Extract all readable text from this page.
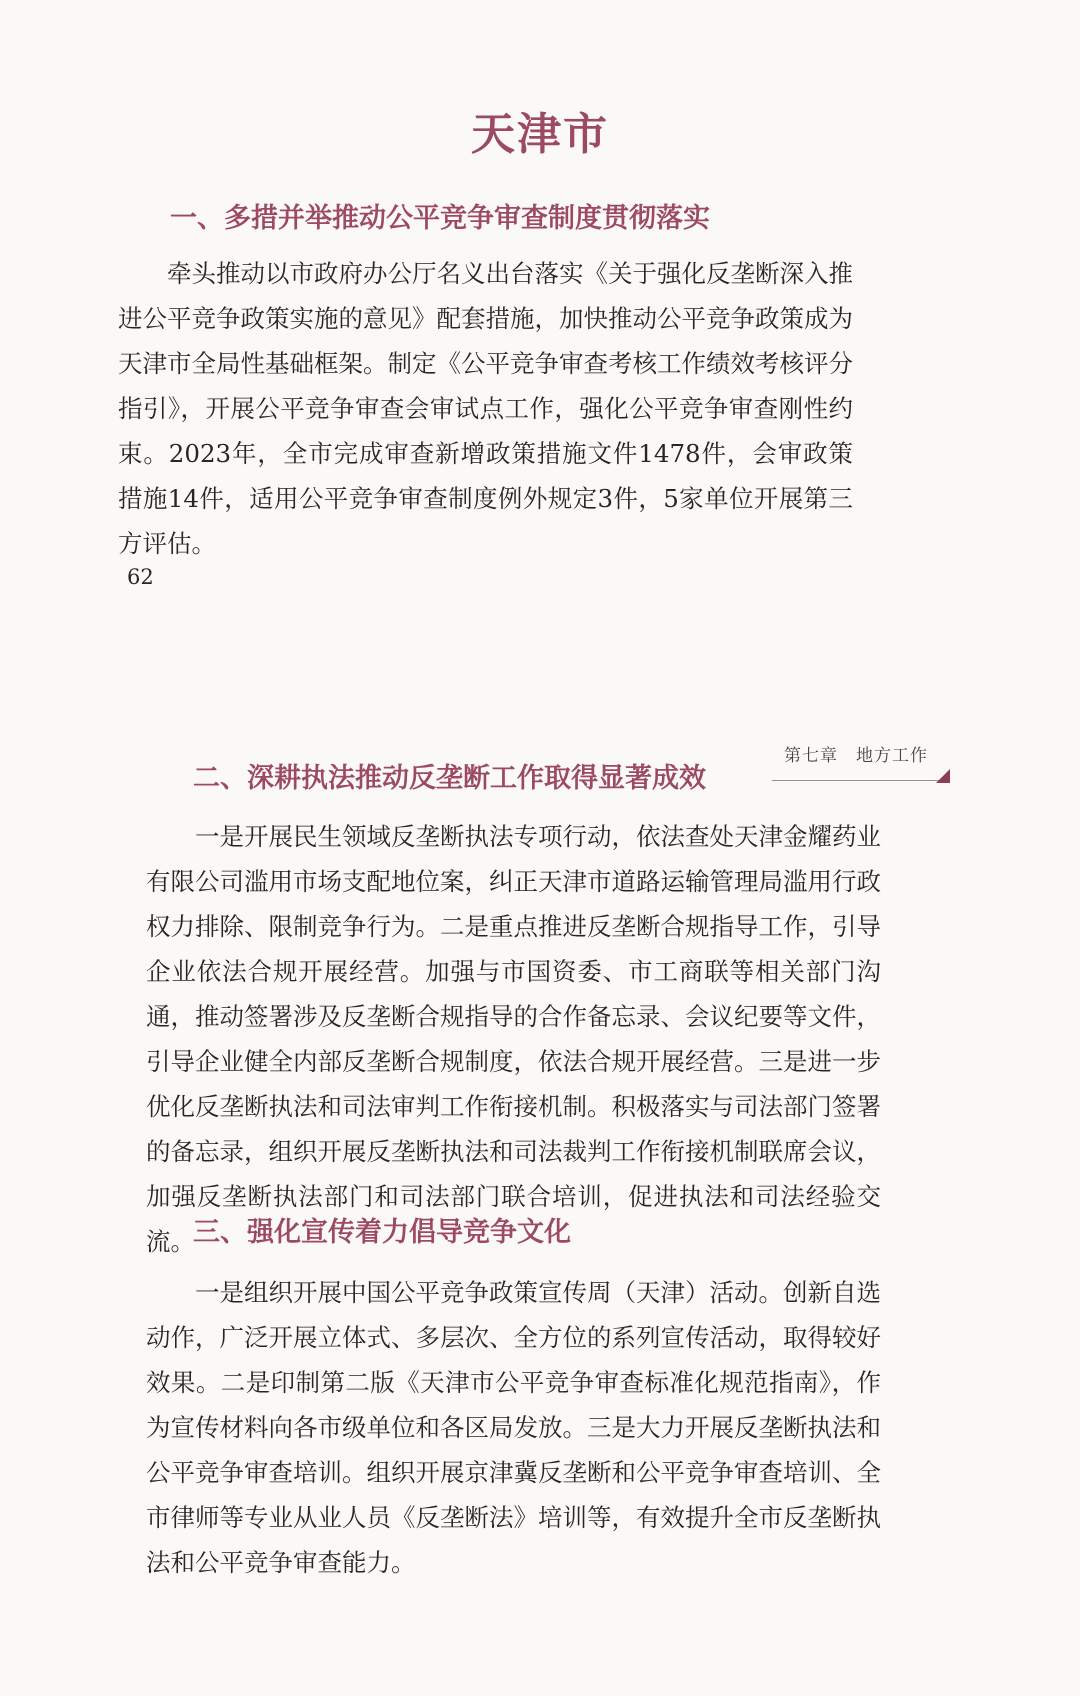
天津市
一、多措并举推动公平竞争审查制度贯彻落实

牵头推动以市政府办公厅名义出台落实《关于强化反垄断深入推进公平竞争政策实施的意见》配套措施，加快推动公平竞争政策成为天津市全局性基础框架。制定《公平竞争审查考核工作绩效考核评分指引》，开展公平竞争审查会审试点工作，强化公平竞争审查刚性约束。2023年，全市完成审查新增政策措施文件1478件，会审政策措施14件，适用公平竞争审查制度例外规定3件，5家单位开展第三方评估。

62
第七章　地方工作
二、深耕执法推动反垄断工作取得显著成效

一是开展民生领域反垄断执法专项行动，依法查处天津金耀药业有限公司滥用市场支配地位案，纠正天津市道路运输管理局滥用行政权力排除、限制竞争行为。二是重点推进反垄断合规指导工作，引导企业依法合规开展经营。加强与市国资委、市工商联等相关部门沟通，推动签署涉及反垄断合规指导的合作备忘录、会议纪要等文件，引导企业健全内部反垄断合规制度，依法合规开展经营。三是进一步优化反垄断执法和司法审判工作衔接机制。积极落实与司法部门签署的备忘录，组织开展反垄断执法和司法裁判工作衔接机制联席会议，加强反垄断执法部门和司法部门联合培训，促进执法和司法经验交流。

三、强化宣传着力倡导竞争文化

一是组织开展中国公平竞争政策宣传周（天津）活动。创新自选动作，广泛开展立体式、多层次、全方位的系列宣传活动，取得较好效果。二是印制第二版《天津市公平竞争审查标准化规范指南》，作为宣传材料向各市级单位和各区局发放。三是大力开展反垄断执法和公平竞争审查培训。组织开展京津冀反垄断和公平竞争审查培训、全市律师等专业从业人员《反垄断法》培训等，有效提升全市反垄断执法和公平竞争审查能力。
